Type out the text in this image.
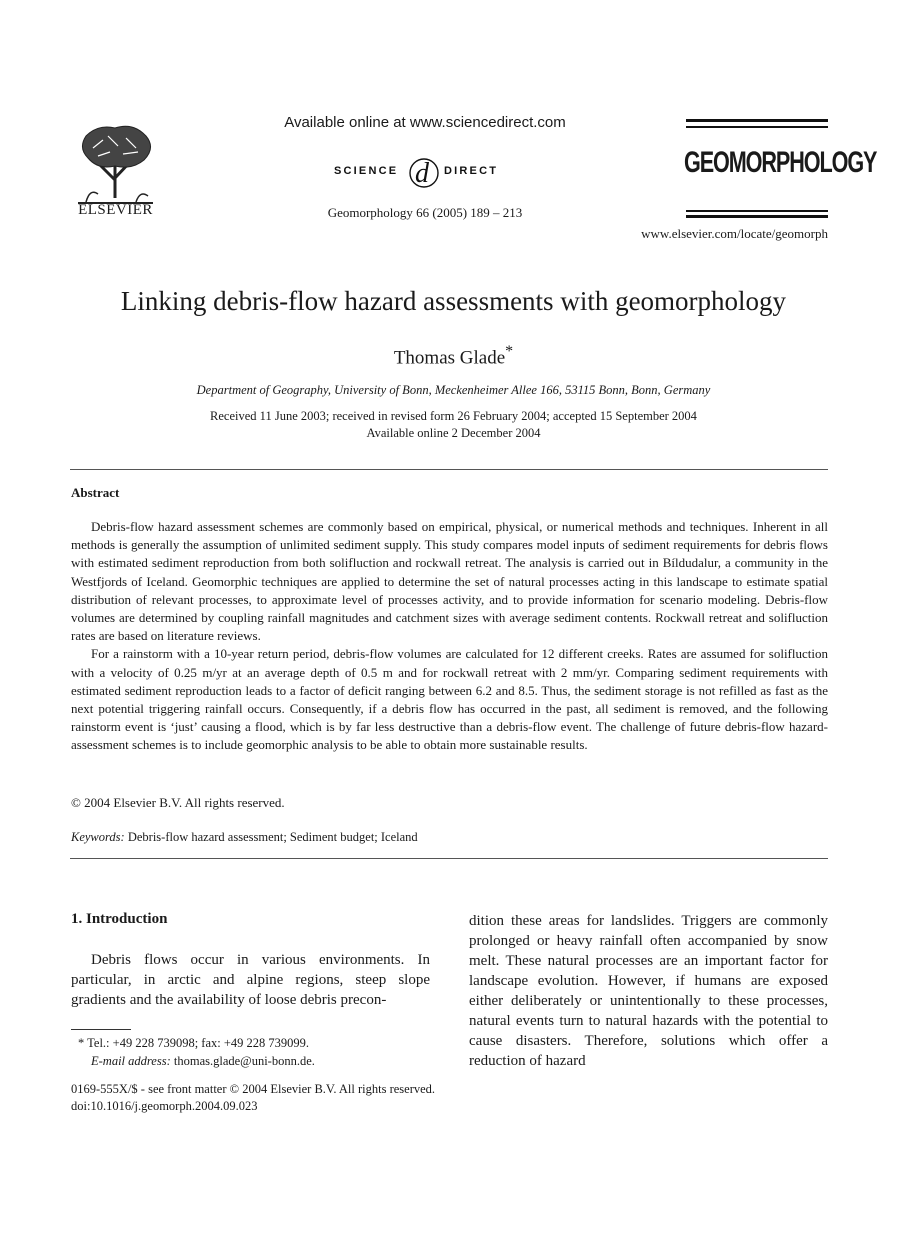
ELSEVIER
Available online at www.sciencedirect.com
SCIENCE d DIRECT
Geomorphology 66 (2005) 189 – 213
GEOMORPHOLOGY
www.elsevier.com/locate/geomorph
Linking debris-flow hazard assessments with geomorphology
Thomas Glade*
Department of Geography, University of Bonn, Meckenheimer Allee 166, 53115 Bonn, Bonn, Germany
Received 11 June 2003; received in revised form 26 February 2004; accepted 15 September 2004
Available online 2 December 2004
Abstract

Debris-flow hazard assessment schemes are commonly based on empirical, physical, or numerical methods and techniques. Inherent in all methods is generally the assumption of unlimited sediment supply. This study compares model inputs of sediment requirements for debris flows with estimated sediment reproduction from both solifluction and rockwall retreat. The analysis is carried out in Bíldudalur, a community in the Westfjords of Iceland. Geomorphic techniques are applied to determine the set of natural processes acting in this landscape to estimate spatial distribution of relevant processes, to approximate level of processes activity, and to provide information for scenario modeling. Debris-flow volumes are determined by coupling rainfall magnitudes and catchment sizes with average sediment contents. Rockwall retreat and solifluction rates are based on literature reviews.

For a rainstorm with a 10-year return period, debris-flow volumes are calculated for 12 different creeks. Rates are assumed for solifluction with a velocity of 0.25 m/yr at an average depth of 0.5 m and for rockwall retreat with 2 mm/yr. Comparing sediment requirements with estimated sediment reproduction leads to a factor of deficit ranging between 6.2 and 8.5. Thus, the sediment storage is not refilled as fast as the next potential triggering rainfall occurs. Consequently, if a debris flow has occurred in the past, all sediment is removed, and the following rainstorm event is ‘just’ causing a flood, which is by far less destructive than a debris-flow event. The challenge of future debris-flow hazard-assessment schemes is to include geomorphic analysis to be able to obtain more sustainable results.

© 2004 Elsevier B.V. All rights reserved.
Keywords: Debris-flow hazard assessment; Sediment budget; Iceland
1. Introduction

Debris flows occur in various environments. In particular, in arctic and alpine regions, steep slope gradients and the availability of loose debris precon-

dition these areas for landslides. Triggers are commonly prolonged or heavy rainfall often accompanied by snow melt. These natural processes are an important factor for landscape evolution. However, if humans are exposed either deliberately or unintentionally to these processes, natural events turn to natural hazards with the potential to cause disasters. Therefore, solutions which offer a reduction of hazard

* Tel.: +49 228 739098; fax: +49 228 739099.
E-mail address: thomas.glade@uni-bonn.de.
0169-555X/$ - see front matter © 2004 Elsevier B.V. All rights reserved.
doi:10.1016/j.geomorph.2004.09.023
